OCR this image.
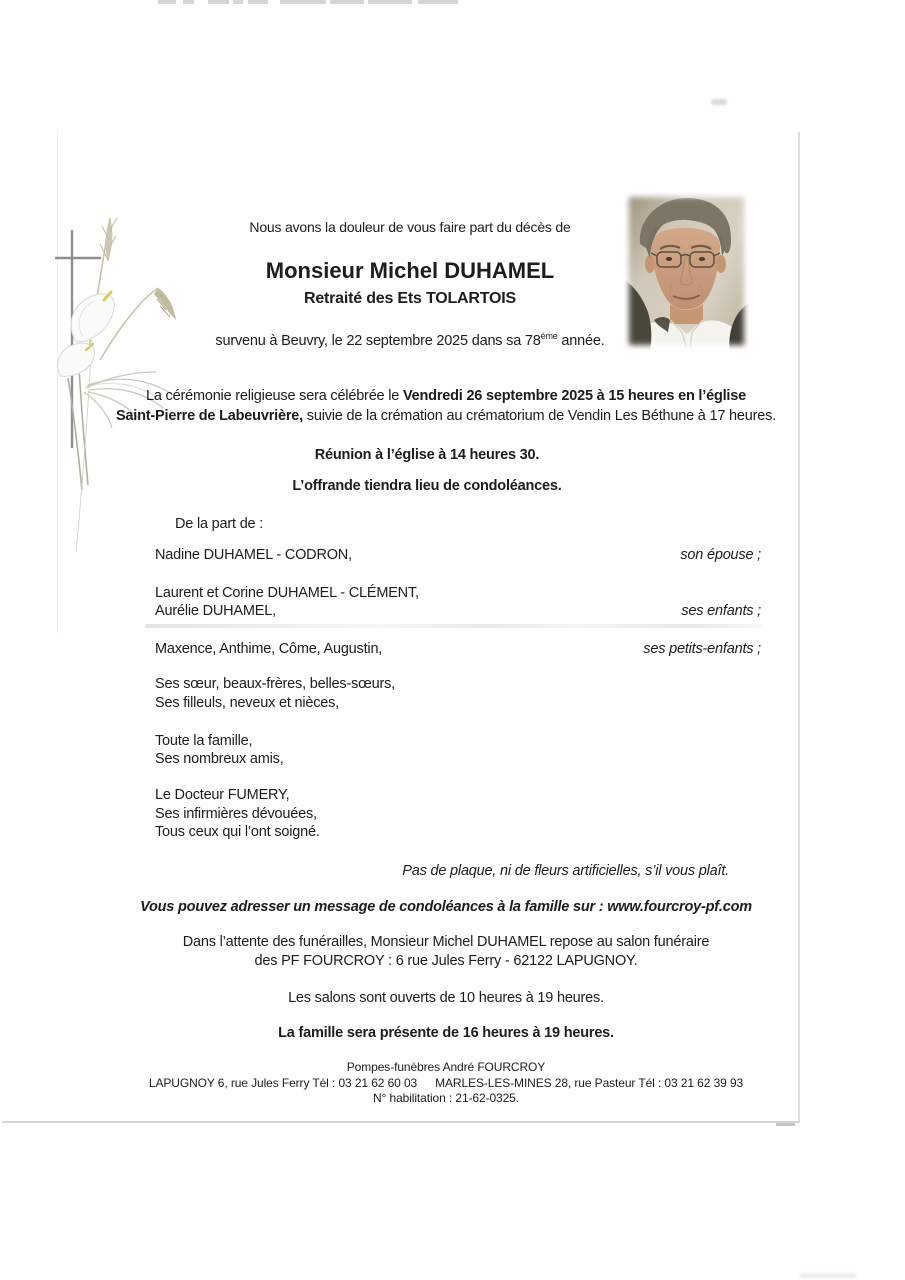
Nous avons la douleur de vous faire part du décès de
Monsieur Michel DUHAMEL
Retraité des Ets TOLARTOIS
survenu à Beuvry, le 22 septembre 2025 dans sa $78^{éme}$ année.
La cérémonie religieuse sera célébrée le Vendredi 26 septembre 2025 à 15 heures en l’église
Saint-Pierre de Labeuvrière, suivie de la crémation au crématorium de Vendin Les Béthune à 17 heures.
Réunion à l’église à 14 heures 30.
L’offrande tiendra lieu de condoléances.
De la part de :
Nadine DUHAMEL - CODRON,	son épouse ;
Laurent et Corine DUHAMEL - CLÉMENT,
Aurélie DUHAMEL,	ses enfants ;
Maxence, Anthime, Côme, Augustin,	ses petits-enfants ;
Ses sœur, beaux-frères, belles-sœurs,
Ses filleuls, neveux et nièces,
Toute la famille,
Ses nombreux amis,
Le Docteur FUMERY,
Ses infirmières dévouées,
Tous ceux qui l’ont soigné.
Pas de plaque, ni de fleurs artificielles, s’il vous plaît.
Vous pouvez adresser un message de condoléances à la famille sur : www.fourcroy-pf.com
Dans l’attente des funérailles, Monsieur Michel DUHAMEL repose au salon funéraire
des PF FOURCROY : 6 rue Jules Ferry - 62122 LAPUGNOY.
Les salons sont ouverts de 10 heures à 19 heures.
La famille sera présente de 16 heures à 19 heures.
Pompes-funèbres André FOURCROY
LAPUGNOY 6, rue Jules Ferry Tél : 03 21 62 60 03 MARLES-LES-MINES 28, rue Pasteur Tél : 03 21 62 39 93
N° habilitation : 21-62-0325.
